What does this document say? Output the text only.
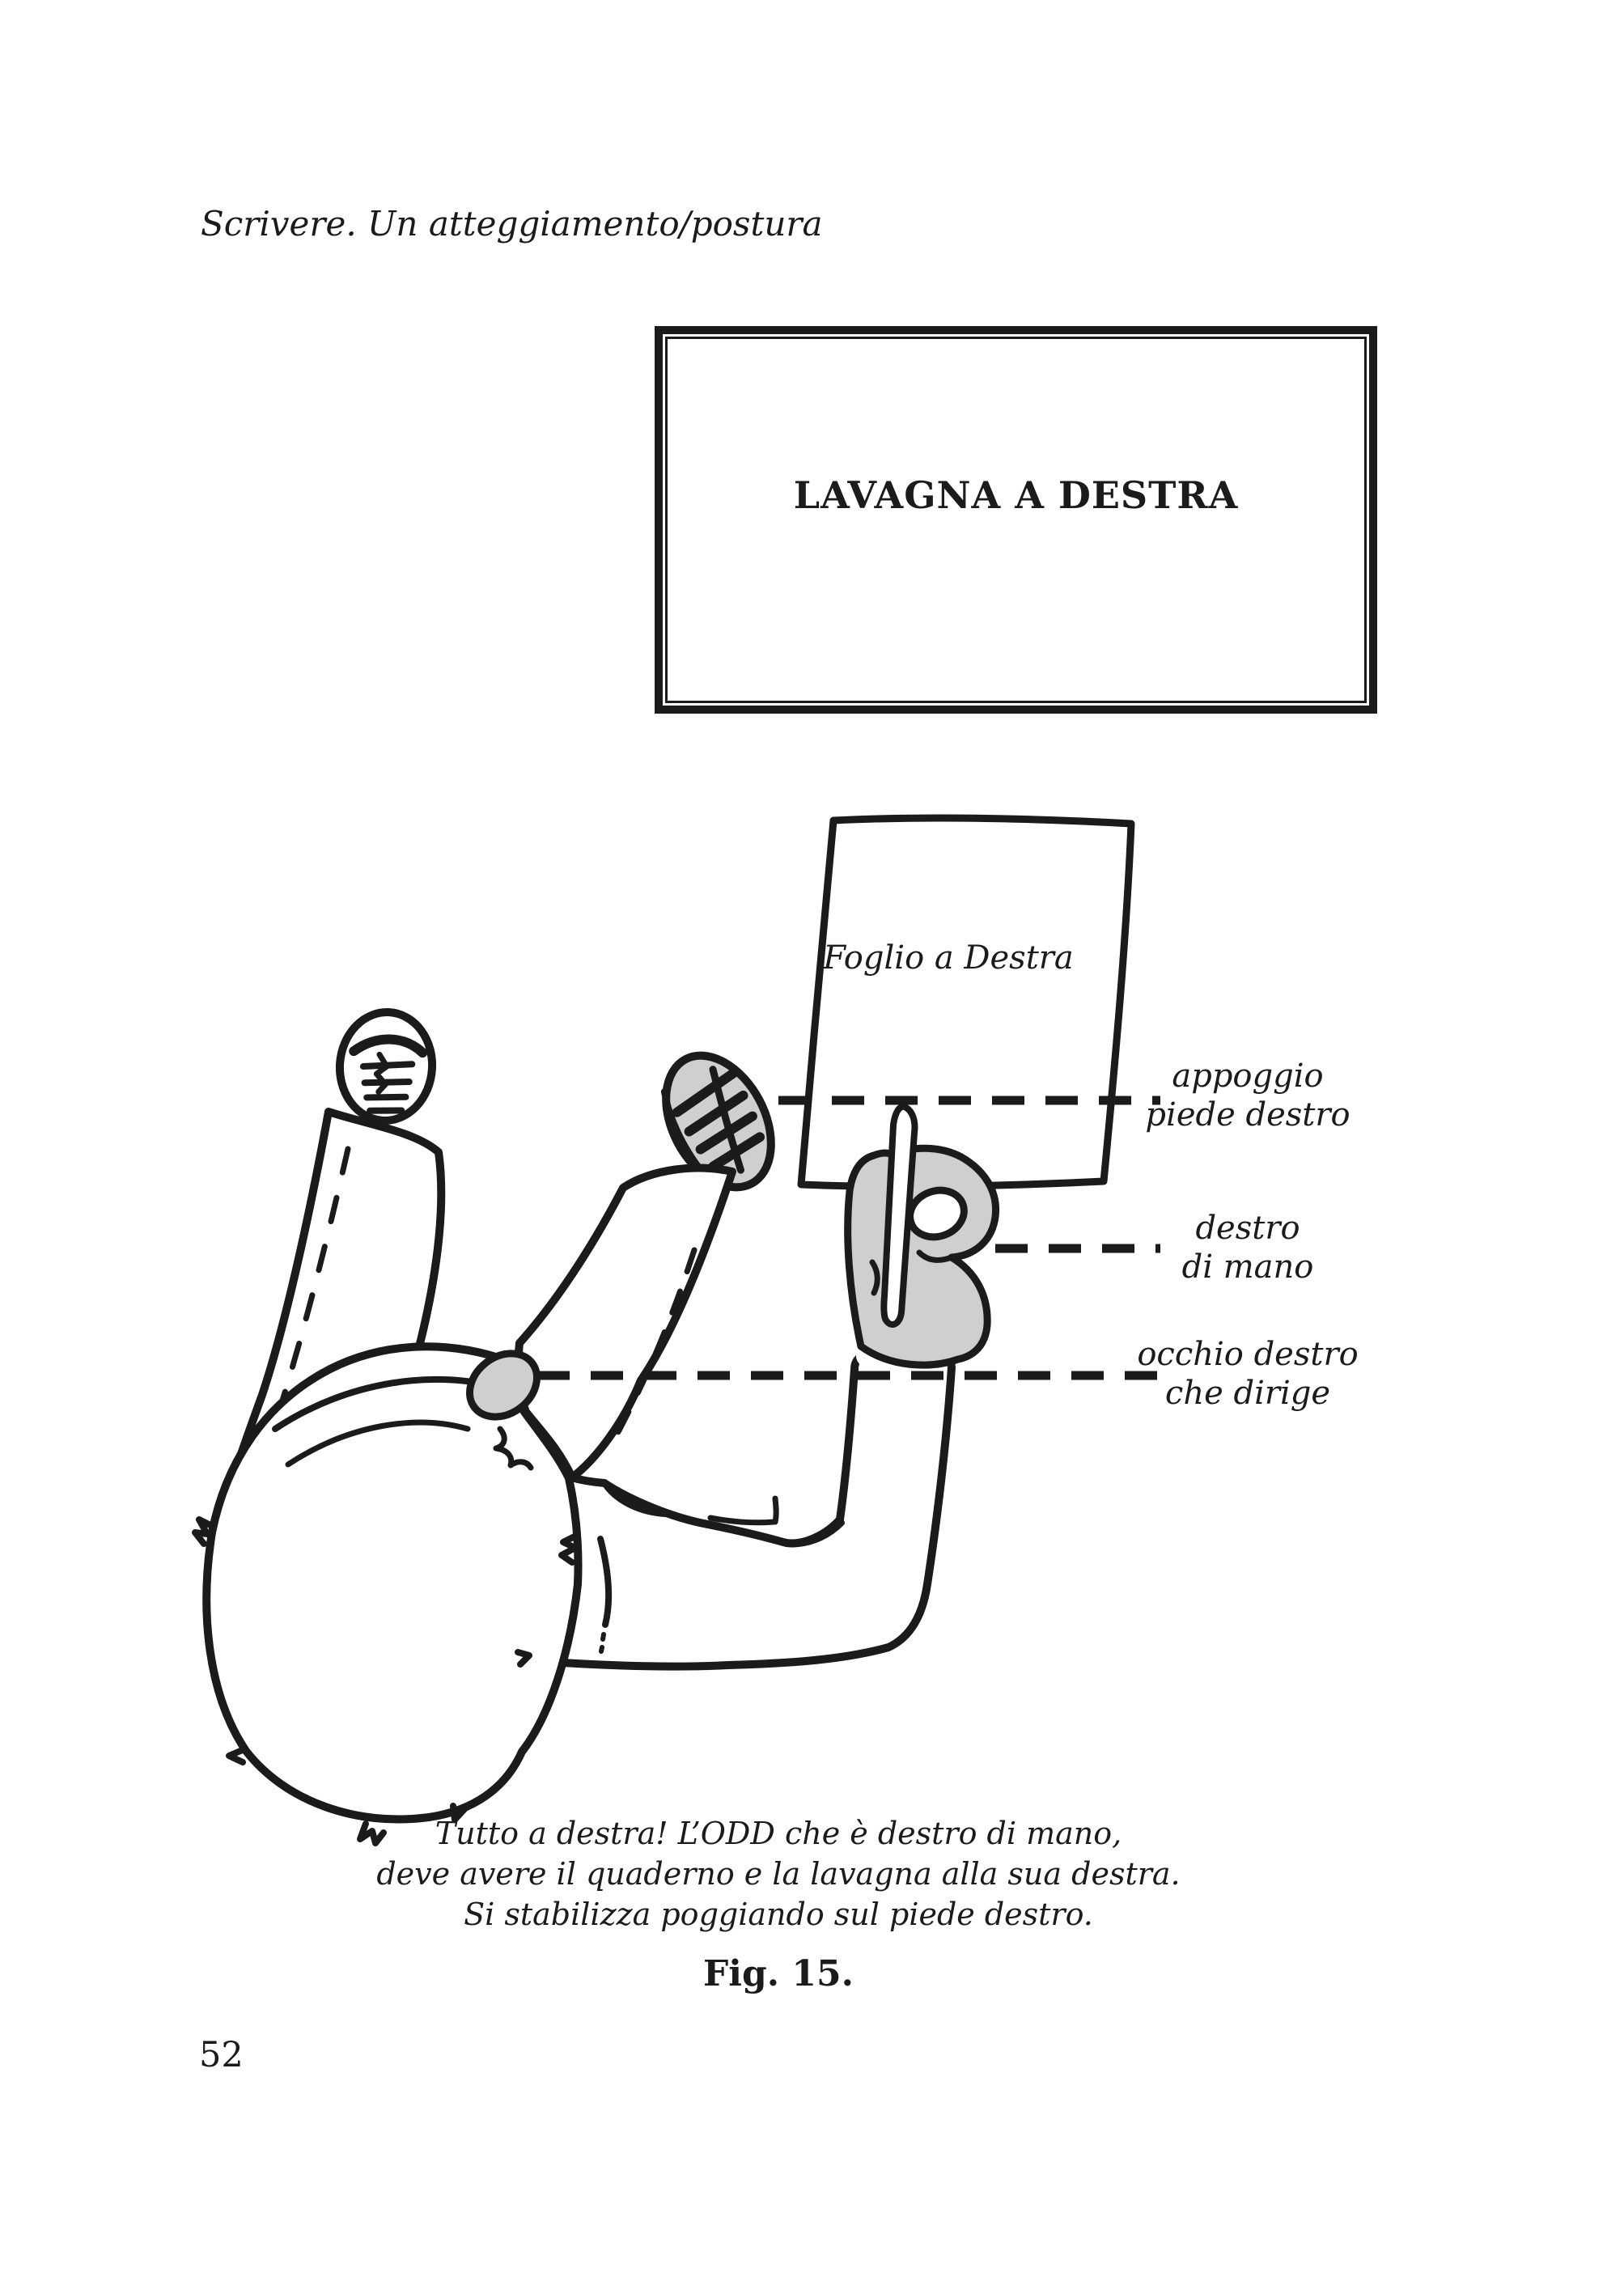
Scrivere. Un atteggiamento/postura
LAVAGNA A DESTRA
Foglio a Destra
appoggio
piede destro
destro
di mano
occhio destro
che dirige
Tutto a destra! L’ODD che è destro di mano,
deve avere il quaderno e la lavagna alla sua destra.
Si stabilizza poggiando sul piede destro.
Fig. 15.
52
